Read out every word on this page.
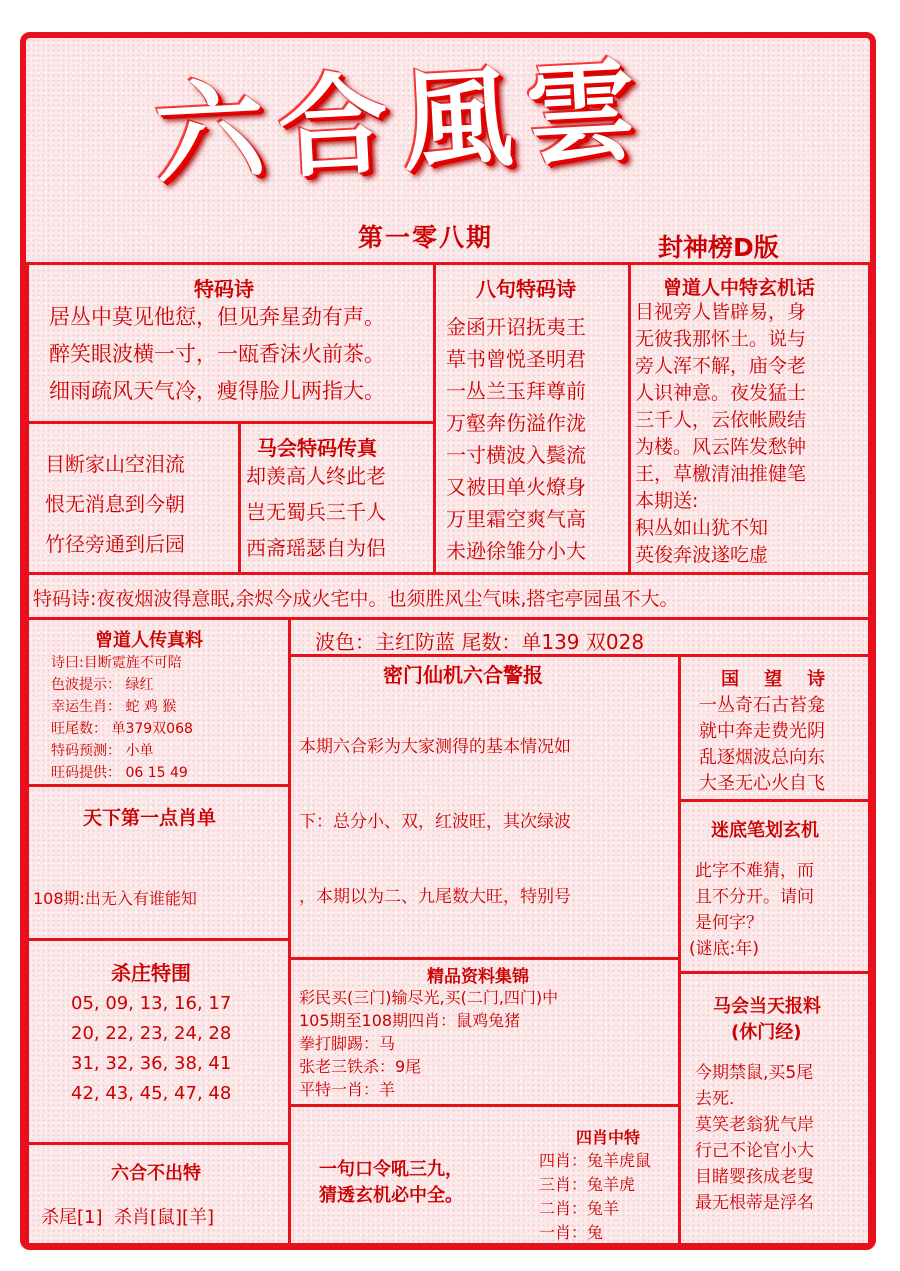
六合風雲
第一零八期	封神榜D版
特码诗
居丛中莫见他愆，但见奔星劲有声。
醉笑眼波横一寸，一瓯香沫火前茶。
细雨疏风天气冷，瘦得脸儿两指大。
八句特码诗
金函开诏抚夷王
草书曾悦圣明君
一丛兰玉拜尊前
万壑奔伤溢作泷
一寸横波入鬓流
又被田单火燎身
万里霜空爽气高
未逊徐雏分小大
曾道人中特玄机话
目视旁人皆辟易，身
无彼我那怀土。说与
旁人浑不解，庙令老
人识神意。夜发猛士
三千人，云依帐殿结
为楼。风云阵发愁钟
王，草檄清油推健笔
本期送:
积丛如山犹不知
英俊奔波遂吃虚
目断家山空泪流
恨无消息到今朝
竹径旁通到后园
马会特码传真
却羡高人终此老
岂无蜀兵三千人
西斋瑶瑟自为侣
特码诗:夜夜烟波得意眠,余烬今成火宅中。也须胜风尘气味,搭宅亭园虽不大。
曾道人传真料
诗曰:目断霓旌不可陪
色波提示： 绿红
幸运生肖： 蛇 鸡 猴
旺尾数： 单379双068
特码预测： 小单
旺码提供： 06 15 49
波色：主红防蓝 尾数：单139 双028
密门仙机六合警报

本期六合彩为大家测得的基本情况如

下：总分小、双，红波旺，其次绿波

，本期以为二、九尾数大旺，特别号

国    望    诗
一丛奇石古苔龛
就中奔走费光阴
乱逐烟波总向东
大圣无心火自飞
天下第一点肖单

108期:出无入有谁能知

迷底笔划玄机
此字不难猜，而
且不分开。请问
是何字？
(谜底:年)
杀庄特围
05, 09, 13, 16, 17
20, 22, 23, 24, 28
31, 32, 36, 38, 41
42, 43, 45, 47, 48
精品资料集锦
彩民买(三门)输尽光,买(二门,四门)中
105期至108期四肖：鼠鸡兔猪
拳打脚踢：马
张老三铁杀：9尾
平特一肖：羊
马会当天报料
(休门经)
今期禁鼠,买5尾
去死.
莫笑老翁犹气岸
行己不论官小大
目睹婴孩成老叟
最无根蒂是浮名
六合不出特
杀尾[1]  杀肖[鼠][羊]
一句口令吼三九，
猜透玄机必中全。
四肖中特
四肖：兔羊虎鼠
三肖：兔羊虎
二肖：兔羊
一肖：兔
